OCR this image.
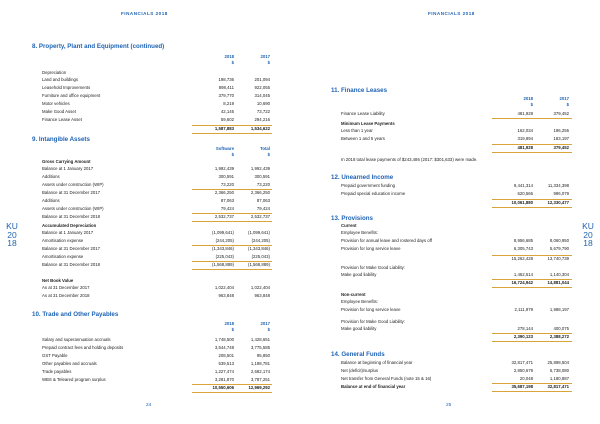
FINANCIALS 2018
KU
20
18
8. Property, Plant and Equipment (continued)
2018	2017
$	$
Depreciation
Land and buildings	198,736	201,094
Leasehold Improvements	898,411	922,055
Furniture and office equipment	379,770	314,045
Motor vehicles	8,219	10,690
Make Good Asset	42,145	73,722
Finance Lease Asset	59,602	294,216
1,587,883	1,534,622
9. Intangible Assets
Software	Total
$	$
Gross Carrying Amount
Balance at 1 January 2017	1,992,439	1,992,439
Additions	300,591	300,591
Assets under construction (WIP)	73,220	73,220
Balance at 31 December 2017	2,366,250	2,366,250
Additions	87,063	87,063
Assets under construction (WIP)	79,424	79,424
Balance at 31 December 2018	2,532,737	2,532,737
Accumulated Depreciation
Balance at 1 January 2017	(1,099,641)	(1,099,641)
Amortisation expense	(244,205)	(244,205)
Balance at 31 December 2017	(1,343,846)	(1,343,846)
Amortisation expense	(225,043)	(225,043)
Balance at 31 December 2018	(1,568,889)	(1,568,889)
Net Book Value
As at 31 December 2017	1,022,404	1,022,404
As at 31 December 2018	963,848	963,848
10. Trade and Other Payables
2018	2017
$	$
Salary and superannuation accruals	1,748,500	1,428,651
Prepaid contract fees and holding deposits	3,544,748	3,775,585
GST Payable	208,501	95,850
Other payables and accruals	539,513	1,198,781
Trade payables	1,227,474	2,682,174
WBS & Teleared program surplus	3,281,870	3,787,251
10,550,606	12,969,292
24
FINANCIALS 2018
KU
20
18
11. Finance Leases
2018	2017
$	$
Finance Lease Liability	481,928	379,452
Minimum Lease Payments
Less than 1 year	162,034	196,255
Between 1 and 5 years	319,894	183,197
481,928	379,452
In 2018 total lease payments of $243,486 (2017: $301,633) were made.
12. Unearned Income
Prepaid government funding	9,441,314	11,334,398
Prepaid special education income	620,566	996,079
10,061,880	12,330,477
13. Provisions
Current
Employee Benefits:
Provision for annual leave and rostered days off	8,956,685	8,060,950
Provision for long service leave	6,305,743	5,679,790
15,262,428	13,740,739
Provision for Make Good Liability:
Make good liability	1,462,514	1,140,304
16,724,942	14,881,044
Non-current
Employee Benefits:
Provision for long service leave	2,111,979	1,988,197
Provision for Make Good Liability:
Make good liability	278,144	400,075
2,390,123	2,388,272
14. General Funds
Balance at beginning of financial year	32,817,471	25,898,504
Net (deficit)/surplus	2,850,679	5,738,080
Net transfer from General Funds (note 15 & 16)	20,048	1,180,887
Balance at end of financial year	35,687,198	32,817,471
25
